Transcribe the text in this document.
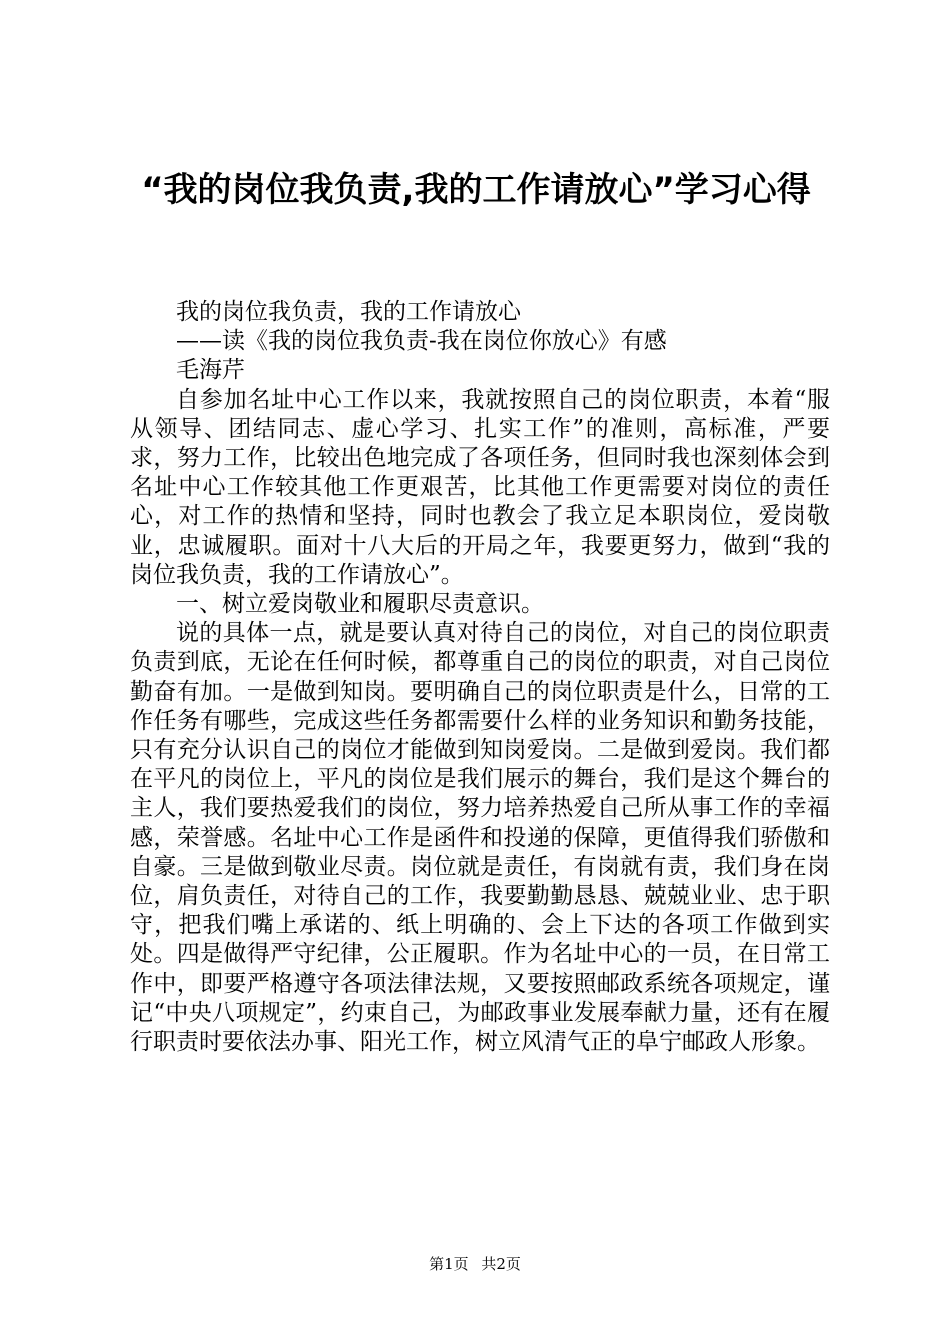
“我的岗位我负责,我的工作请放心”学习心得

我的岗位我负责，我的工作请放心

——读《我的岗位我负责-我在岗位你放心》有感

毛海芹

自参加名址中心工作以来，我就按照自己的岗位职责，本着“服从领导、团结同志、虚心学习、扎实工作”的准则，高标准，严要求，努力工作，比较出色地完成了各项任务，但同时我也深刻体会到名址中心工作较其他工作更艰苦，比其他工作更需要对岗位的责任心，对工作的热情和坚持，同时也教会了我立足本职岗位，爱岗敬业，忠诚履职。面对十八大后的开局之年，我要更努力，做到“我的岗位我负责，我的工作请放心”。

一、树立爱岗敬业和履职尽责意识。

说的具体一点，就是要认真对待自己的岗位，对自己的岗位职责负责到底，无论在任何时候，都尊重自己的岗位的职责，对自己岗位勤奋有加。一是做到知岗。要明确自己的岗位职责是什么，日常的工作任务有哪些，完成这些任务都需要什么样的业务知识和勤务技能，只有充分认识自己的岗位才能做到知岗爱岗。二是做到爱岗。我们都在平凡的岗位上，平凡的岗位是我们展示的舞台，我们是这个舞台的主人，我们要热爱我们的岗位，努力培养热爱自己所从事工作的幸福感，荣誉感。名址中心工作是函件和投递的保障，更值得我们骄傲和自豪。三是做到敬业尽责。岗位就是责任，有岗就有责，我们身在岗位，肩负责任，对待自己的工作，我要勤勤恳恳、兢兢业业、忠于职守，把我们嘴上承诺的、纸上明确的、会上下达的各项工作做到实处。四是做得严守纪律，公正履职。作为名址中心的一员，在日常工作中，即要严格遵守各项法律法规，又要按照邮政系统各项规定，谨记“中央八项规定”，约束自己，为邮政事业发展奉献力量，还有在履行职责时要依法办事、阳光工作，树立风清气正的阜宁邮政人形象。

第1页 共2页
